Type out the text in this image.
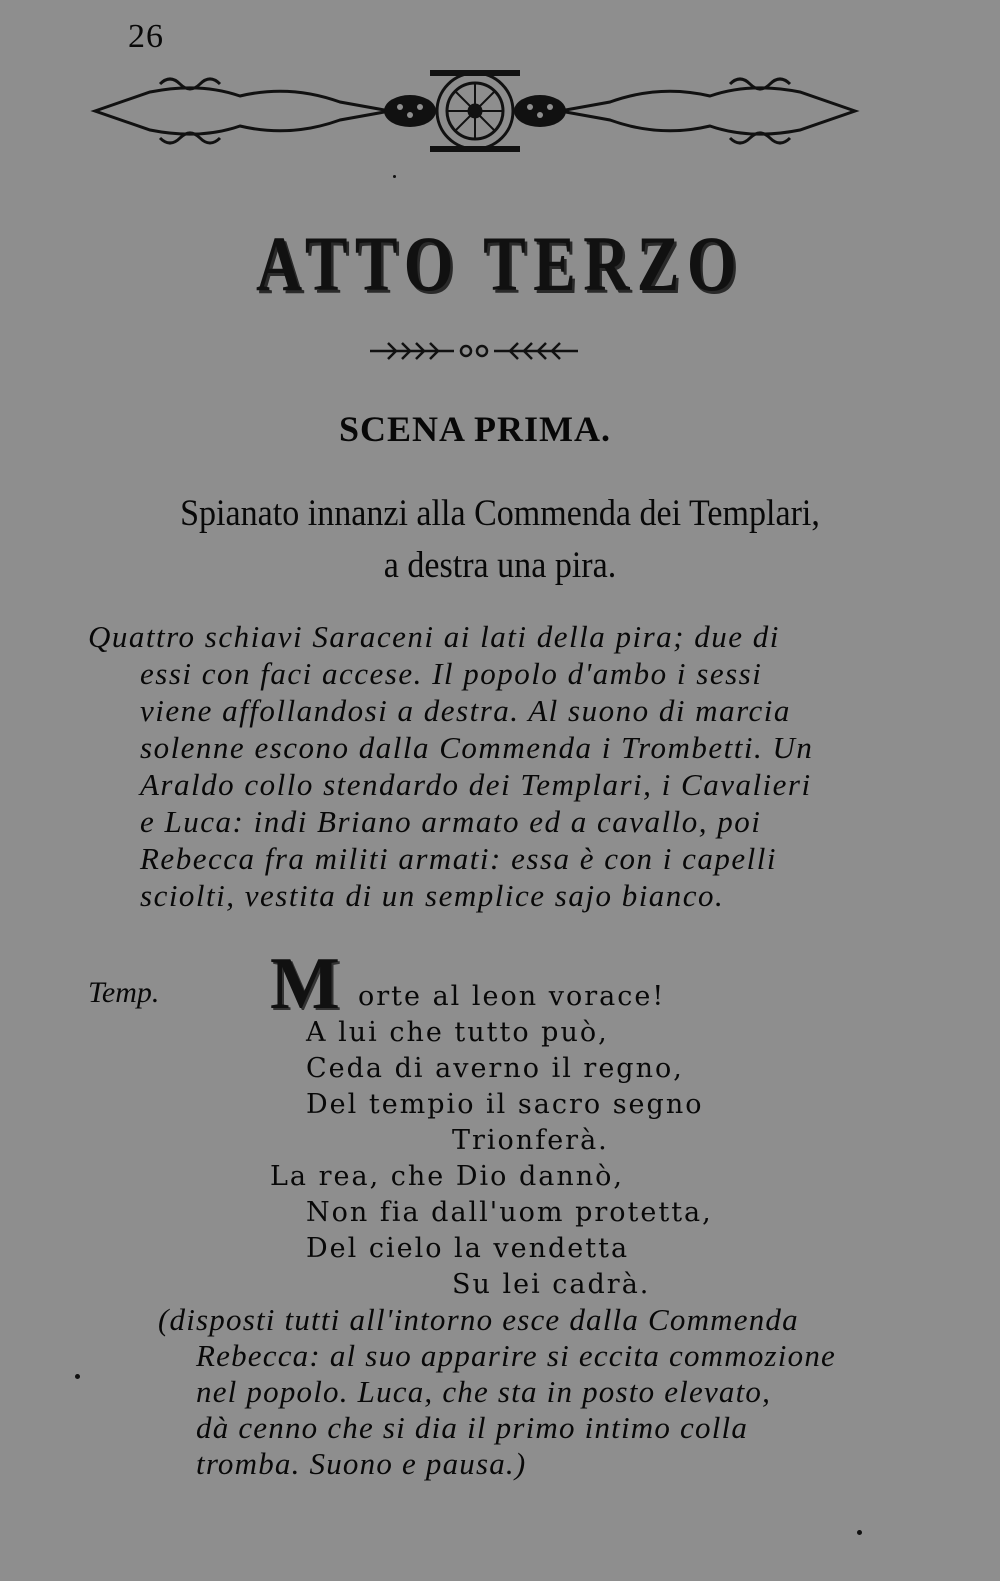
26
ATTO TERZO
SCENA PRIMA.
Spianato innanzi alla Commenda dei Templari,
a destra una pira.
Quattro schiavi Saraceni ai lati della pira; due di
essi con faci accese. Il popolo d'ambo i sessi
viene affollandosi a destra. Al suono di marcia
solenne escono dalla Commenda i Trombetti. Un
Araldo collo stendardo dei Templari, i Cavalieri
e Luca: indi Briano armato ed a cavallo, poi
Rebecca fra militi armati: essa è con i capelli
sciolti, vestita di un semplice sajo bianco.
Temp. M orte al leon vorace!
A lui che tutto può,
Ceda di averno il regno,
Del tempio il sacro segno
Trionferà.
La rea, che Dio dannò,
Non fia dall'uom protetta,
Del cielo la vendetta
Su lei cadrà.
(disposti tutti all'intorno esce dalla Commenda
Rebecca: al suo apparire si eccita commozione
nel popolo. Luca, che sta in posto elevato,
dà cenno che si dia il primo intimo colla
tromba. Suono e pausa.)
